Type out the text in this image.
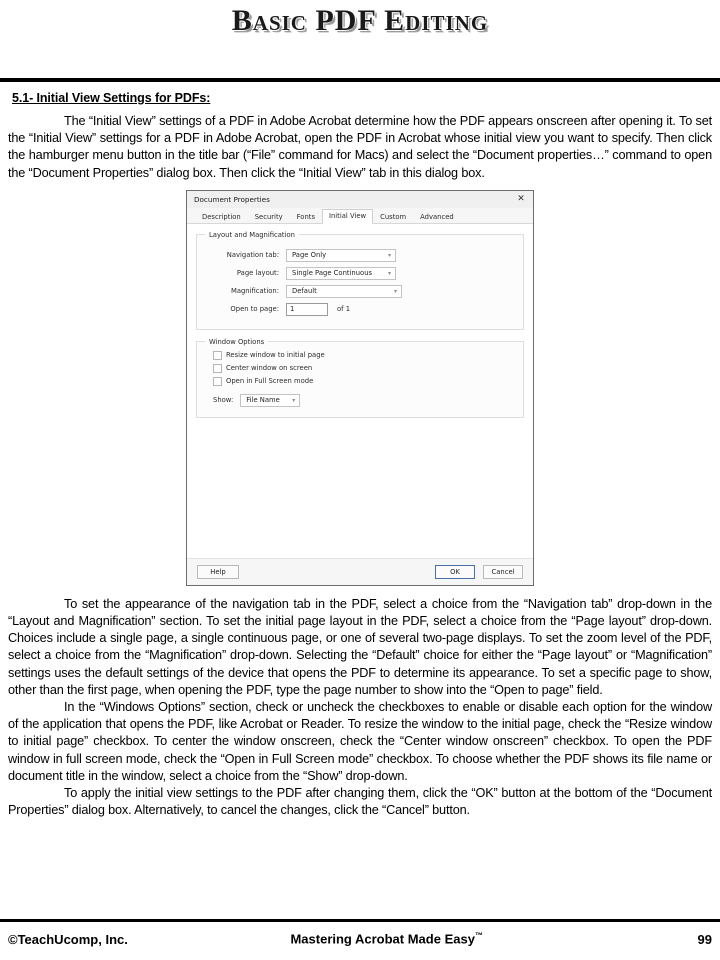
Basic PDF Editing
5.1- Initial View Settings for PDFs:

The “Initial View” settings of a PDF in Adobe Acrobat determine how the PDF appears onscreen after opening it. To set the “Initial View” settings for a PDF in Adobe Acrobat, open the PDF in Acrobat whose initial view you want to specify. Then click the hamburger menu button in the title bar (“File” command for Macs) and select the “Document properties…” command to open the “Document Properties” dialog box. Then click the “Initial View” tab in this dialog box.

Document Properties	✕
Description	Security	Fonts	Initial View	Custom	Advanced
Layout and Magnification
Navigation tab:	Page Only	▾
Page layout:	Single Page Continuous	▾
Magnification:	Default	▾
Open to page:	1	of 1
Window Options
Resize window to initial page
Center window on screen
Open in Full Screen mode
Show: File Name ▾
Help	OK	Cancel

To set the appearance of the navigation tab in the PDF, select a choice from the “Navigation tab” drop-down in the “Layout and Magnification” section. To set the initial page layout in the PDF, select a choice from the “Page layout” drop-down. Choices include a single page, a single continuous page, or one of several two-page displays. To set the zoom level of the PDF, select a choice from the “Magnification” drop-down. Selecting the “Default” choice for either the “Page layout” or “Magnification” settings uses the default settings of the device that opens the PDF to determine its appearance. To set a specific page to show, other than the first page, when opening the PDF, type the page number to show into the “Open to page” field.

In the “Windows Options” section, check or uncheck the checkboxes to enable or disable each option for the window of the application that opens the PDF, like Acrobat or Reader. To resize the window to the initial page, check the “Resize window to initial page” checkbox. To center the window onscreen, check the “Center window onscreen” checkbox. To open the PDF window in full screen mode, check the “Open in Full Screen mode” checkbox. To choose whether the PDF shows its file name or document title in the window, select a choice from the “Show” drop-down.

To apply the initial view settings to the PDF after changing them, click the “OK” button at the bottom of the “Document Properties” dialog box. Alternatively, to cancel the changes, click the “Cancel” button.

©TeachUcomp, Inc.	Mastering Acrobat Made Easy™	99
